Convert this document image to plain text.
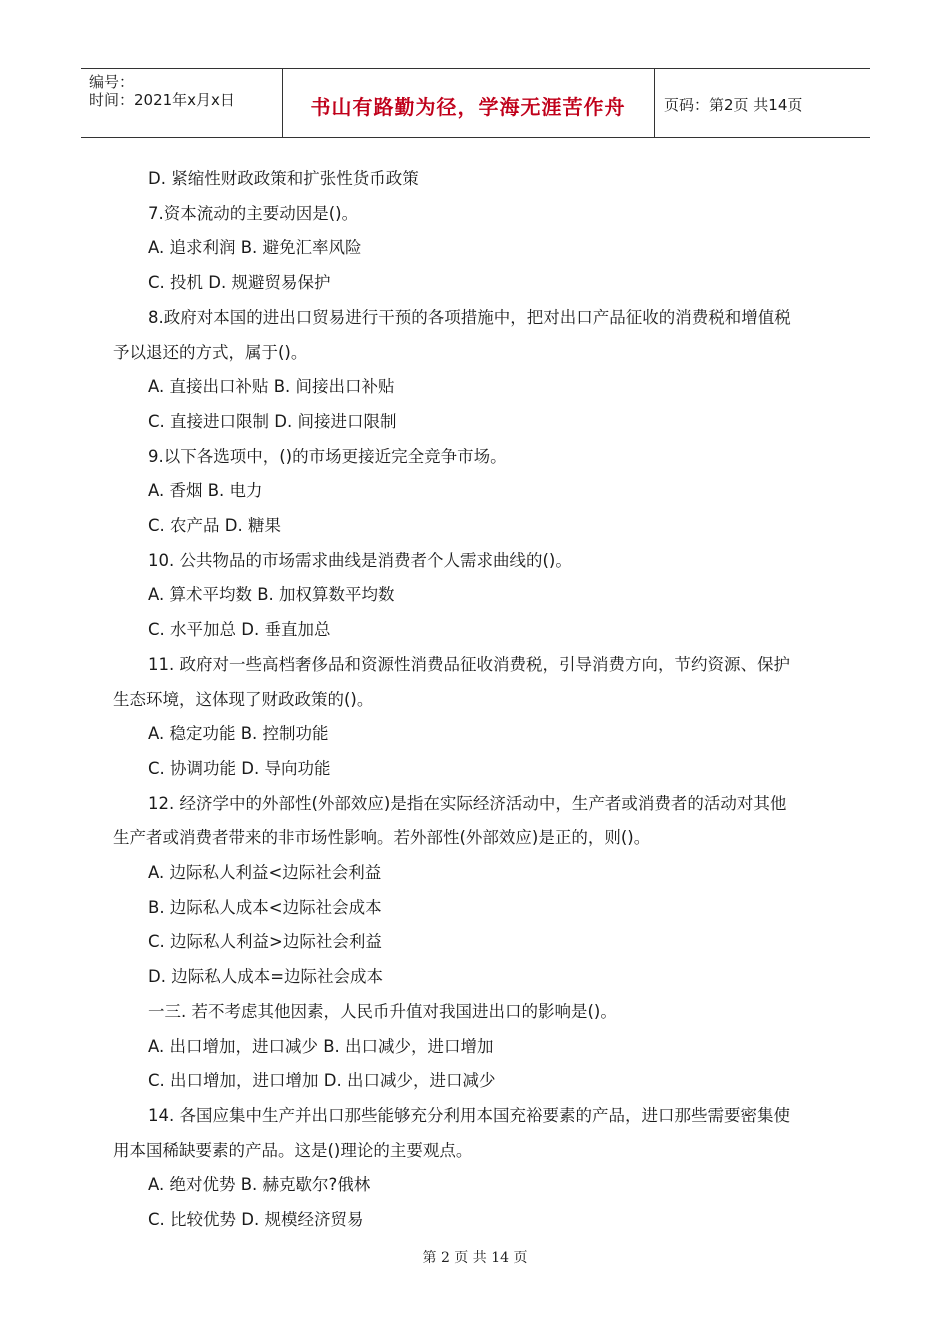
编号：
时间：2021年x月x日	书山有路勤为径，学海无涯苦作舟	页码：第2页 共14页
D. 紧缩性财政政策和扩张性货币政策
7.资本流动的主要动因是()。
A. 追求利润 B. 避免汇率风险
C. 投机 D. 规避贸易保护
8.政府对本国的进出口贸易进行干预的各项措施中，把对出口产品征收的消费税和增值税
予以退还的方式，属于()。
A. 直接出口补贴 B. 间接出口补贴
C. 直接进口限制 D. 间接进口限制
9.以下各选项中，()的市场更接近完全竞争市场。
A. 香烟 B. 电力
C. 农产品 D. 糖果
10. 公共物品的市场需求曲线是消费者个人需求曲线的()。
A. 算术平均数 B. 加权算数平均数
C. 水平加总 D. 垂直加总
11. 政府对一些高档奢侈品和资源性消费品征收消费税，引导消费方向，节约资源、保护
生态环境，这体现了财政政策的()。
A. 稳定功能 B. 控制功能
C. 协调功能 D. 导向功能
12. 经济学中的外部性(外部效应)是指在实际经济活动中，生产者或消费者的活动对其他
生产者或消费者带来的非市场性影响。若外部性(外部效应)是正的，则()。
A. 边际私人利益<边际社会利益
B. 边际私人成本<边际社会成本
C. 边际私人利益>边际社会利益
D. 边际私人成本=边际社会成本
一三. 若不考虑其他因素，人民币升值对我国进出口的影响是()。
A. 出口增加，进口减少 B. 出口减少，进口增加
C. 出口增加，进口增加 D. 出口减少，进口减少
14. 各国应集中生产并出口那些能够充分利用本国充裕要素的产品，进口那些需要密集使
用本国稀缺要素的产品。这是()理论的主要观点。
A. 绝对优势 B. 赫克歇尔?俄林
C. 比较优势 D. 规模经济贸易
第 2 页 共 14 页
